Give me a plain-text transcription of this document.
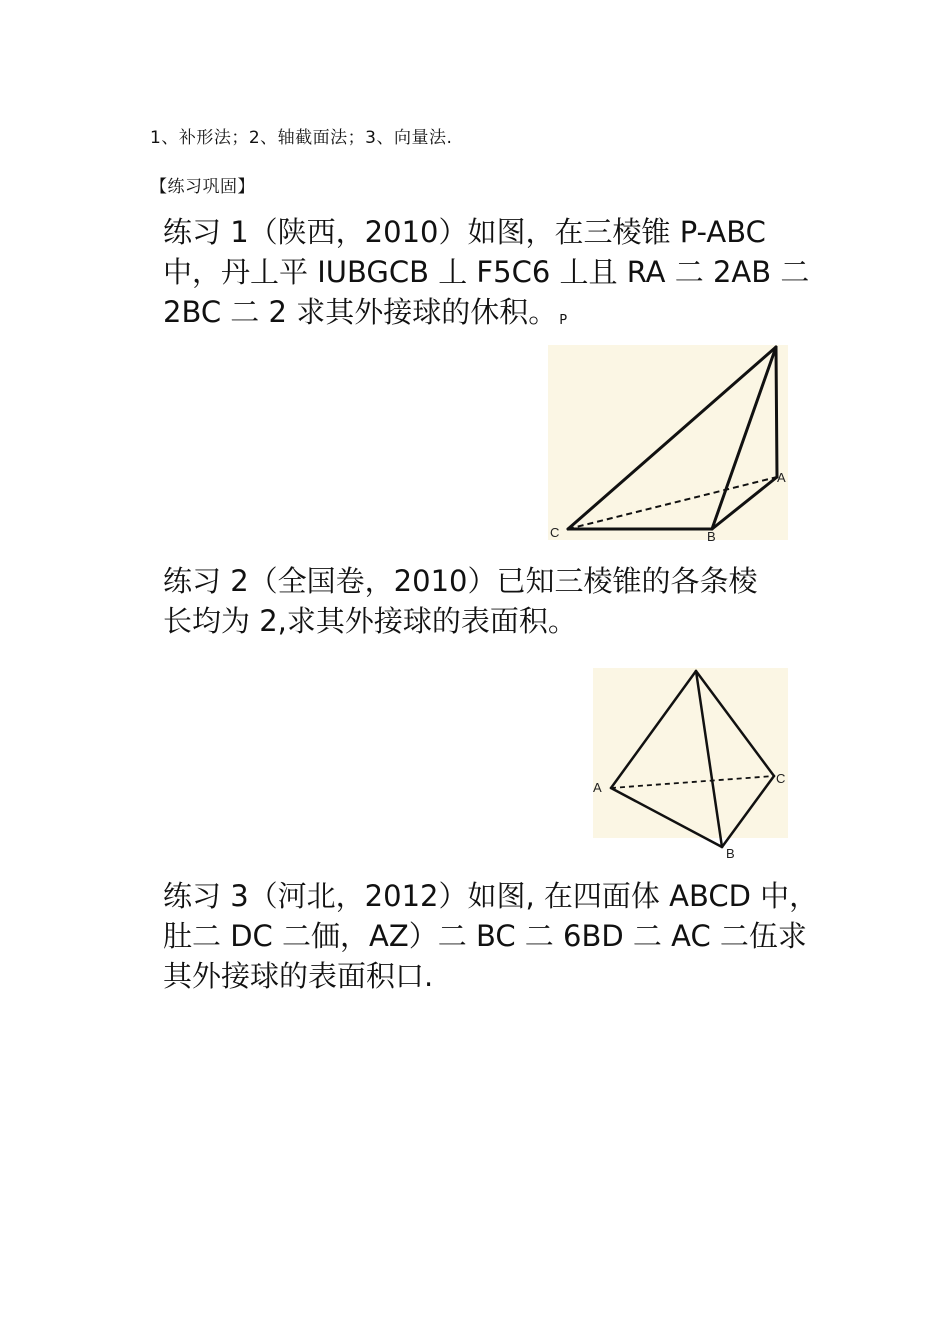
1、补形法；2、轴截面法；3、向量法.
【练习巩固】
练习 1（陕西，2010）如图，在三棱锥 P-ABC
中，丹丄平 IUBGCB 丄 F5C6 丄且 RA 二 2AB 二
2BC 二 2 求其外接球的休积。 P
C	B
A
练习 2（全国卷，2010）已知三棱锥的各条棱
长均为 2,求其外接球的表面积。
A
B
C
练习 3（河北，2012）如图, 在四面体 ABCD 中，
肚二 DC 二価，AZ）二 BC 二 6BD 二 AC 二伍求
其外接球的表面积口.
